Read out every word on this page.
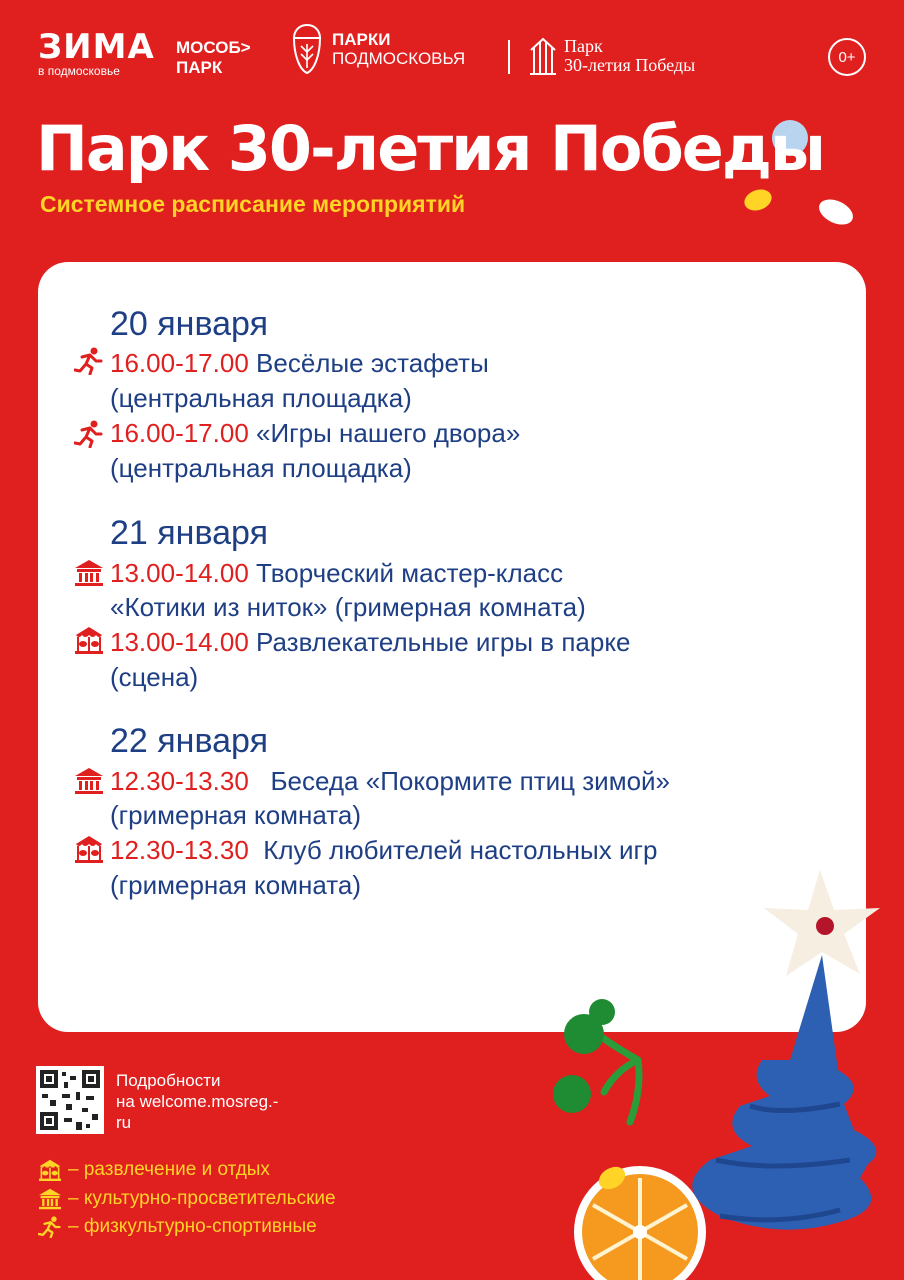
ЗИМА
в подмосковье
МОСОБ>
ПАРК
ПАРКИ
ПОДМОСКОВЬЯ
Парк
30-летия Победы	0+
Парк 30-летия Победы
Системное расписание мероприятий
20 января
16.00-17.00 Весёлые эстафеты
(центральная площадка)
16.00-17.00 «Игры нашего двора»
(центральная площадка)
21 января
13.00-14.00 Творческий мастер-класс
«Котики из ниток» (гримерная комната)
13.00-14.00 Развлекательные игры в парке
(сцена)
22 января
12.30-13.30   Беседа «Покормите птиц зимой»
(гримерная комната)
12.30-13.30  Клуб любителей настольных игр
(гримерная комната)
Подробности
на welcome.mosreg.-
ru
– развлечение и отдых
– культурно-просветительские
– физкультурно-спортивные
